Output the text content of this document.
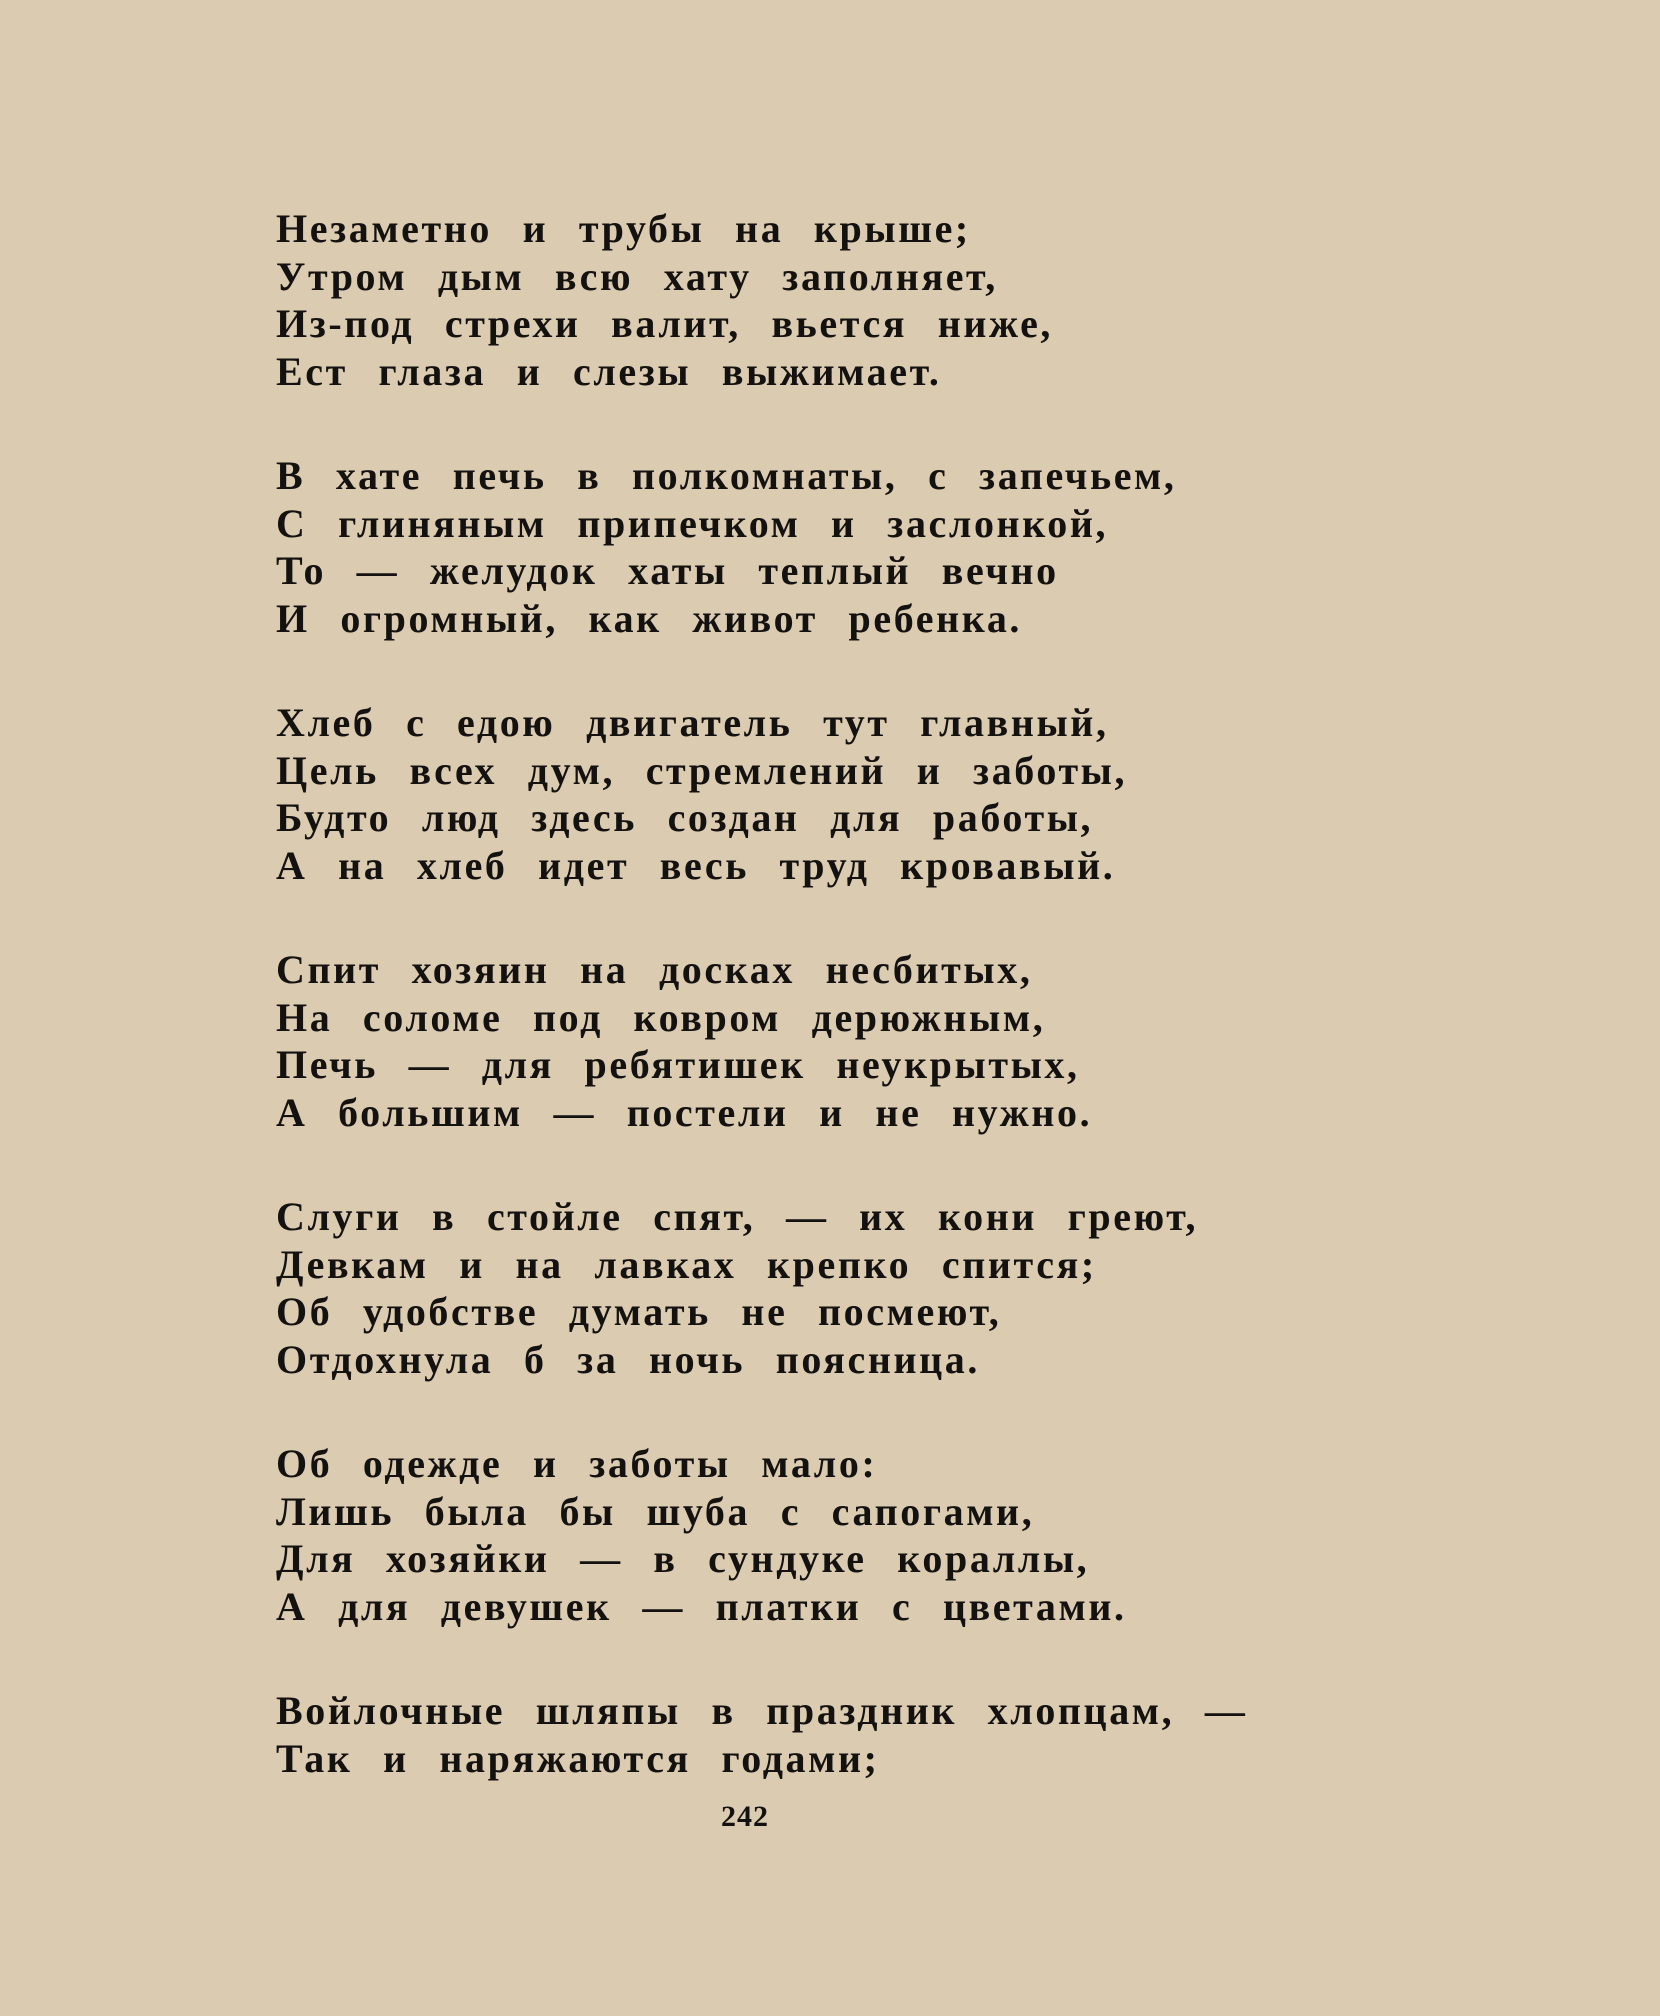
Незаметно и трубы на крыше;
Утром дым всю хату заполняет,
Из-под стрехи валит, вьется ниже,
Ест глаза и слезы выжимает.
В хате печь в полкомнаты, с запечьем,
С глиняным припечком и заслонкой,
То — желудок хаты теплый вечно
И огромный, как живот ребенка.
Хлеб с едою двигатель тут главный,
Цель всех дум, стремлений и заботы,
Будто люд здесь создан для работы,
А на хлеб идет весь труд кровавый.
Спит хозяин на досках несбитых,
На соломе под ковром дерюжным,
Печь — для ребятишек неукрытых,
А большим — постели и не нужно.
Слуги в стойле спят, — их кони греют,
Девкам и на лавках крепко спится;
Об удобстве думать не посмеют,
Отдохнула б за ночь поясница.
Об одежде и заботы мало:
Лишь была бы шуба с сапогами,
Для хозяйки — в сундуке кораллы,
А для девушек — платки с цветами.
Войлочные шляпы в праздник хлопцам, —
Так и наряжаются годами;
242
